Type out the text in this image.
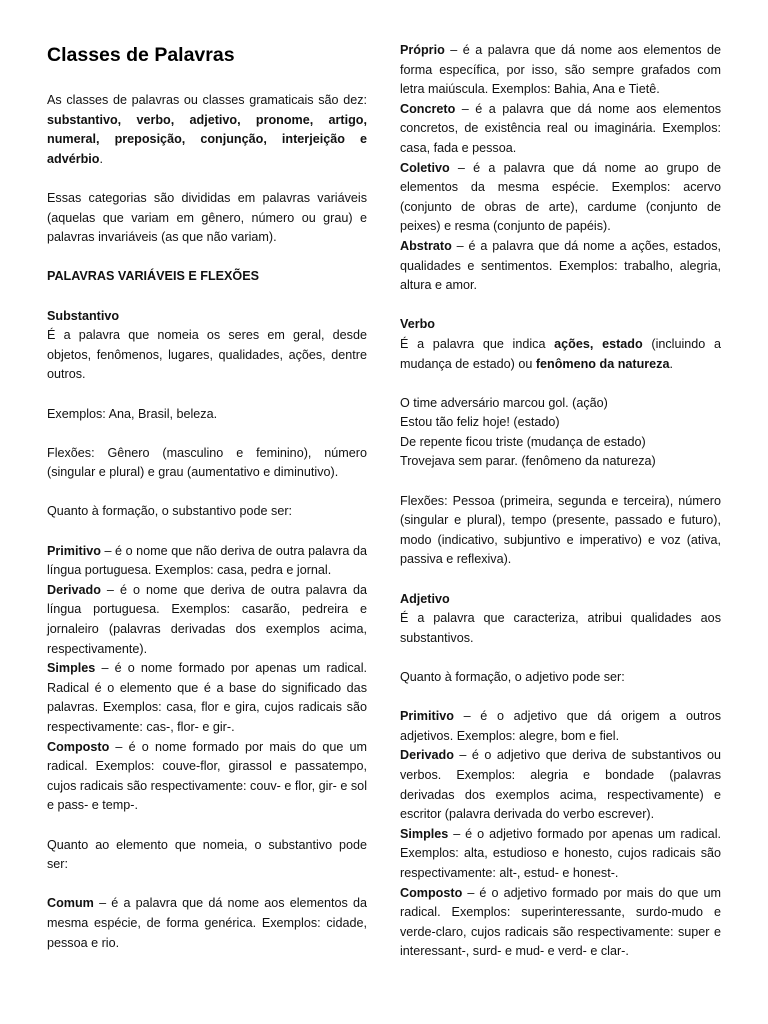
Classes de Palavras

As classes de palavras ou classes gramaticais são dez: substantivo, verbo, adjetivo, pronome, artigo, numeral, preposição, conjunção, interjeição e advérbio.

Essas categorias são divididas em palavras variáveis (aquelas que variam em gênero, número ou grau) e palavras invariáveis (as que não variam).

PALAVRAS VARIÁVEIS E FLEXÕES

Substantivo

É a palavra que nomeia os seres em geral, desde objetos, fenômenos, lugares, qualidades, ações, dentre outros.

Exemplos: Ana, Brasil, beleza.

Flexões: Gênero (masculino e feminino), número (singular e plural) e grau (aumentativo e diminutivo).

Quanto à formação, o substantivo pode ser:

Primitivo – é o nome que não deriva de outra palavra da língua portuguesa. Exemplos: casa, pedra e jornal.

Derivado – é o nome que deriva de outra palavra da língua portuguesa. Exemplos: casarão, pedreira e jornaleiro (palavras derivadas dos exemplos acima, respectivamente).

Simples – é o nome formado por apenas um radical. Radical é o elemento que é a base do significado das palavras. Exemplos: casa, flor e gira, cujos radicais são respectivamente: cas-, flor- e gir-.

Composto – é o nome formado por mais do que um radical. Exemplos: couve-flor, girassol e passatempo, cujos radicais são respectivamente: couv- e flor, gir- e sol e pass- e temp-.

Quanto ao elemento que nomeia, o substantivo pode ser:

Comum – é a palavra que dá nome aos elementos da mesma espécie, de forma genérica. Exemplos: cidade, pessoa e rio.

Próprio – é a palavra que dá nome aos elementos de forma específica, por isso, são sempre grafados com letra maiúscula. Exemplos: Bahia, Ana e Tietê.

Concreto – é a palavra que dá nome aos elementos concretos, de existência real ou imaginária. Exemplos: casa, fada e pessoa.

Coletivo – é a palavra que dá nome ao grupo de elementos da mesma espécie. Exemplos: acervo (conjunto de obras de arte), cardume (conjunto de peixes) e resma (conjunto de papéis).

Abstrato – é a palavra que dá nome a ações, estados, qualidades e sentimentos. Exemplos: trabalho, alegria, altura e amor.

Verbo

É a palavra que indica ações, estado (incluindo a mudança de estado) ou fenômeno da natureza.

O time adversário marcou gol. (ação)

Estou tão feliz hoje! (estado)

De repente ficou triste (mudança de estado)

Trovejava sem parar. (fenômeno da natureza)

Flexões: Pessoa (primeira, segunda e terceira), número (singular e plural), tempo (presente, passado e futuro), modo (indicativo, subjuntivo e imperativo) e voz (ativa, passiva e reflexiva).

Adjetivo

É a palavra que caracteriza, atribui qualidades aos substantivos.

Quanto à formação, o adjetivo pode ser:

Primitivo – é o adjetivo que dá origem a outros adjetivos. Exemplos: alegre, bom e fiel.

Derivado – é o adjetivo que deriva de substantivos ou verbos. Exemplos: alegria e bondade (palavras derivadas dos exemplos acima, respectivamente) e escritor (palavra derivada do verbo escrever).

Simples – é o adjetivo formado por apenas um radical. Exemplos: alta, estudioso e honesto, cujos radicais são respectivamente: alt-, estud- e honest-.

Composto – é o adjetivo formado por mais do que um radical. Exemplos: superinteressante, surdo-mudo e verde-claro, cujos radicais são respectivamente: super e interessant-, surd- e mud- e verd- e clar-.
